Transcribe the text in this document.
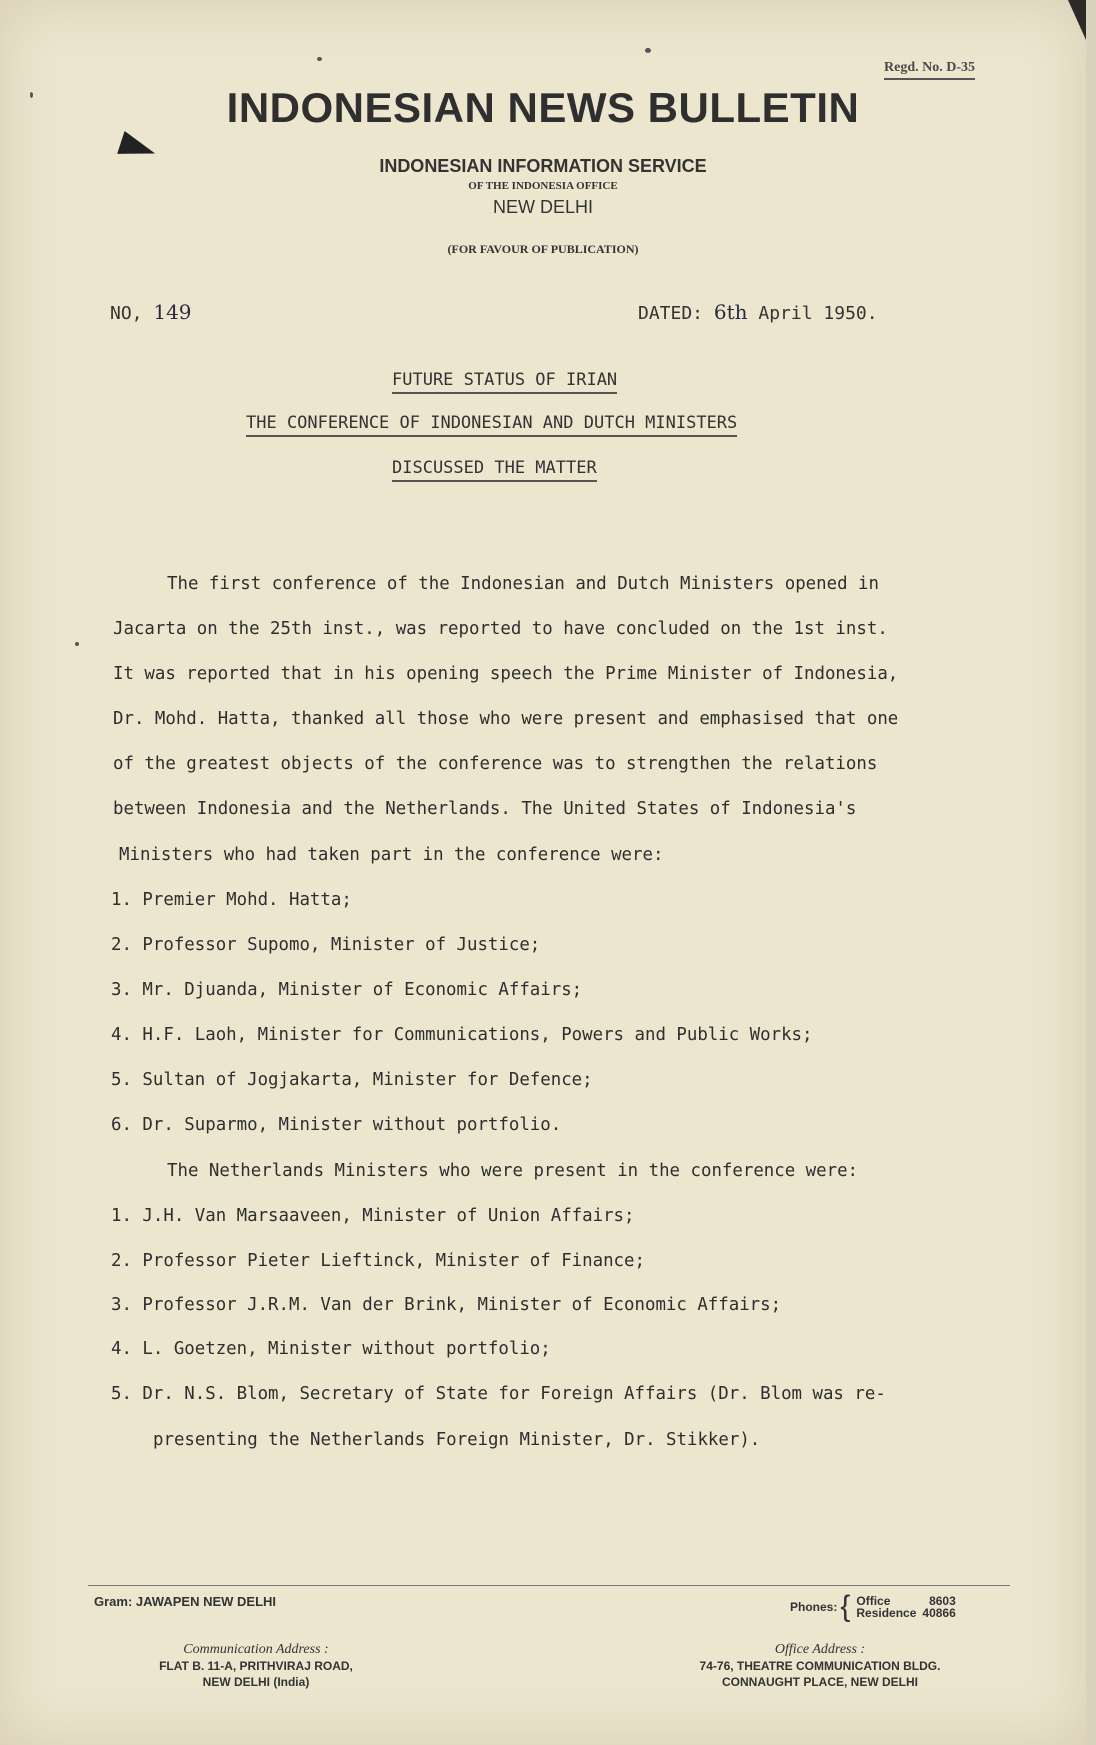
Regd. No. D-35
INDONESIAN NEWS BULLETIN
INDONESIAN INFORMATION SERVICE
OF THE INDONESIA OFFICE
NEW DELHI
(FOR FAVOUR OF PUBLICATION)
NO, 149	DATED: 6th April 1950.
FUTURE STATUS OF IRIAN
THE CONFERENCE OF INDONESIAN AND DUTCH MINISTERS
DISCUSSED THE MATTER
The first conference of the Indonesian and Dutch Ministers opened in
Jacarta on the 25th inst., was reported to have concluded on the 1st inst.
It was reported that in his opening speech the Prime Minister of Indonesia,
Dr. Mohd. Hatta, thanked all those who were present and emphasised that one
of the greatest objects of the conference was to strengthen the relations
between Indonesia and the Netherlands. The United States of Indonesia's
Ministers who had taken part in the conference were:
1. Premier Mohd. Hatta;
2. Professor Supomo, Minister of Justice;
3. Mr. Djuanda, Minister of Economic Affairs;
4. H.F. Laoh, Minister for Communications, Powers and Public Works;
5. Sultan of Jogjakarta, Minister for Defence;
6. Dr. Suparmo, Minister without portfolio.
The Netherlands Ministers who were present in the conference were:
1. J.H. Van Marsaaveen, Minister of Union Affairs;
2. Professor Pieter Lieftinck, Minister of Finance;
3. Professor J.R.M. Van der Brink, Minister of Economic Affairs;
4. L. Goetzen, Minister without portfolio;
5. Dr. N.S. Blom, Secretary of State for Foreign Affairs (Dr. Blom was re-
presenting the Netherlands Foreign Minister, Dr. Stikker).
Gram: JAWAPEN NEW DELHI	Phones: { Office	8603
Residence	40866
Communication Address :
FLAT B. 11-A, PRITHVIRAJ ROAD,
NEW DELHI (India)
Office Address :
74-76, THEATRE COMMUNICATION BLDG.
CONNAUGHT PLACE, NEW DELHI
